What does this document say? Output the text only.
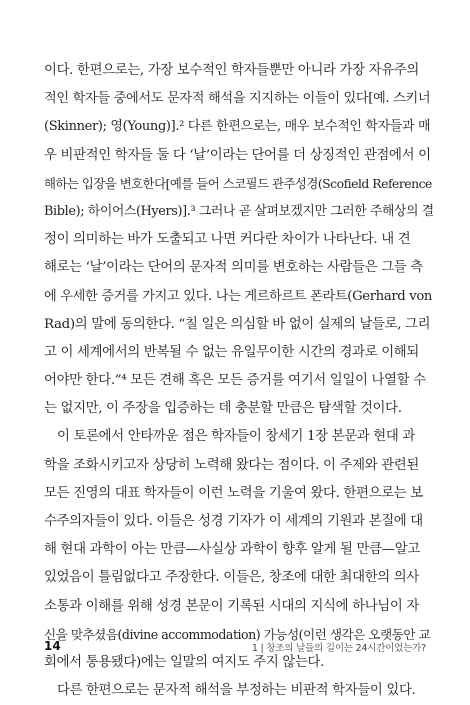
이다. 한편으로는, 가장 보수적인 학자들뿐만 아니라 가장 자유주의
적인 학자들 중에서도 문자적 해석을 지지하는 이들이 있다[예. 스키너
(Skinner); 영(Young)].² 다른 한편으로는, 매우 보수적인 학자들과 매
우 비판적인 학자들 둘 다 ‘날’이라는 단어를 더 상징적인 관점에서 이
해하는 입장을 변호한다[예를 들어 스코필드 관주성경(Scofield Reference
Bible); 하이어스(Hyers)].³ 그러나 곧 살펴보겠지만 그러한 주해상의 결
정이 의미하는 바가 도출되고 나면 커다란 차이가 나타난다. 내 견
해로는 ‘날’이라는 단어의 문자적 의미를 변호하는 사람들은 그들 측
에 우세한 증거를 가지고 있다. 나는 게르하르트 폰라트(Gerhard von
Rad)의 말에 동의한다. “칠 일은 의심할 바 없이 실제의 날들로, 그리
고 이 세계에서의 반복될 수 없는 유일무이한 시간의 경과로 이해되
어야만 한다.”⁴ 모든 견해 혹은 모든 증거를 여기서 일일이 나열할 수
는 없지만, 이 주장을 입증하는 데 충분할 만큼은 탐색할 것이다.
이 토론에서 안타까운 점은 학자들이 창세기 1장 본문과 현대 과
학을 조화시키고자 상당히 노력해 왔다는 점이다. 이 주제와 관련된
모든 진영의 대표 학자들이 이런 노력을 기울여 왔다. 한편으로는 보
수주의자들이 있다. 이들은 성경 기자가 이 세계의 기원과 본질에 대
해 현대 과학이 아는 만큼—사실상 과학이 향후 알게 될 만큼—알고
있었음이 틀림없다고 주장한다. 이들은, 창조에 대한 최대한의 의사
소통과 이해를 위해 성경 본문이 기록된 시대의 지식에 하나님이 자
신을 맞추셨음(divine accommodation) 가능성(이런 생각은 오랫동안 교
회에서 통용됐다)에는 일말의 여지도 주지 않는다.
다른 한편으로는 문자적 해석을 부정하는 비판적 학자들이 있다.
14	1 | 창조의 날들의 길이는 24시간이었는가?
